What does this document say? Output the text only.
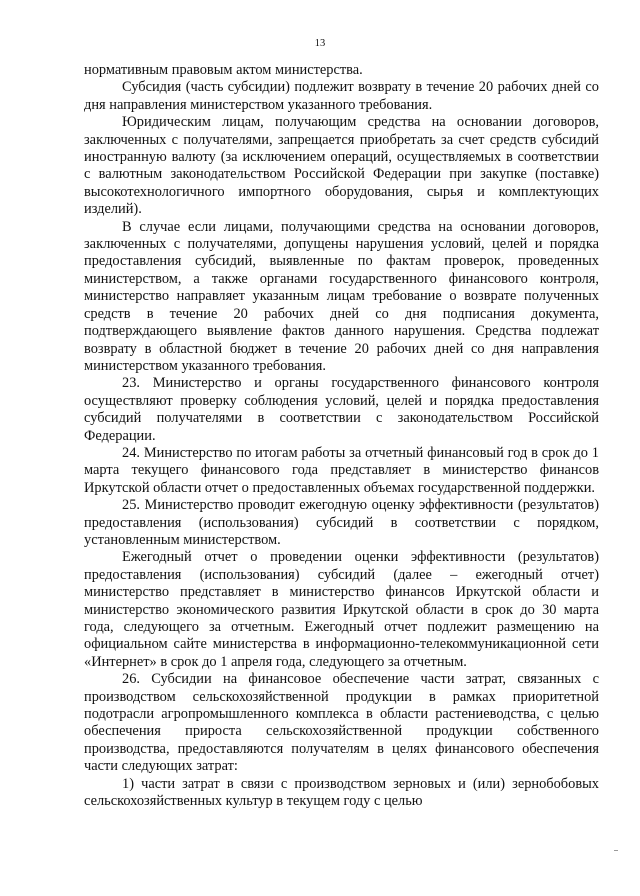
13

нормативным правовым актом министерства.

Субсидия (часть субсидии) подлежит возврату в течение 20 рабочих дней со дня направления министерством указанного требования.

Юридическим лицам, получающим средства на основании договоров, заключенных с получателями, запрещается приобретать за счет средств субсидий иностранную валюту (за исключением операций, осуществляемых в соответствии с валютным законодательством Российской Федерации при закупке (поставке) высокотехнологичного импортного оборудования, сырья и комплектующих изделий).

В случае если лицами, получающими средства на основании договоров, заключенных с получателями, допущены нарушения условий, целей и порядка предоставления субсидий, выявленные по фактам проверок, проведенных министерством, а также органами государственного финансового контроля, министерство направляет указанным лицам требование о возврате полученных средств в течение 20 рабочих дней со дня подписания документа, подтверждающего выявление фактов данного нарушения. Средства подлежат возврату в областной бюджет в течение 20 рабочих дней со дня направления министерством указанного требования.

23. Министерство и органы государственного финансового контроля осуществляют проверку соблюдения условий, целей и порядка предоставления субсидий получателями в соответствии с законодательством Российской Федерации.

24. Министерство по итогам работы за отчетный финансовый год в срок до 1 марта текущего финансового года представляет в министерство финансов Иркутской области отчет о предоставленных объемах государственной поддержки.

25. Министерство проводит ежегодную оценку эффективности (результатов) предоставления (использования) субсидий в соответствии с порядком, установленным министерством.

Ежегодный отчет о проведении оценки эффективности (результатов) предоставления (использования) субсидий (далее – ежегодный отчет) министерство представляет в министерство финансов Иркутской области и министерство экономического развития Иркутской области в срок до 30 марта года, следующего за отчетным. Ежегодный отчет подлежит размещению на официальном сайте министерства в информационно-телекоммуникационной сети «Интернет» в срок до 1 апреля года, следующего за отчетным.

26. Субсидии на финансовое обеспечение части затрат, связанных с производством сельскохозяйственной продукции в рамках приоритетной подотрасли агропромышленного комплекса в области растениеводства, с целью обеспечения прироста сельскохозяйственной продукции собственного производства, предоставляются получателям в целях финансового обеспечения части следующих затрат:

1) части затрат в связи с производством зерновых и (или) зернобобовых сельскохозяйственных культур в текущем году с целью
